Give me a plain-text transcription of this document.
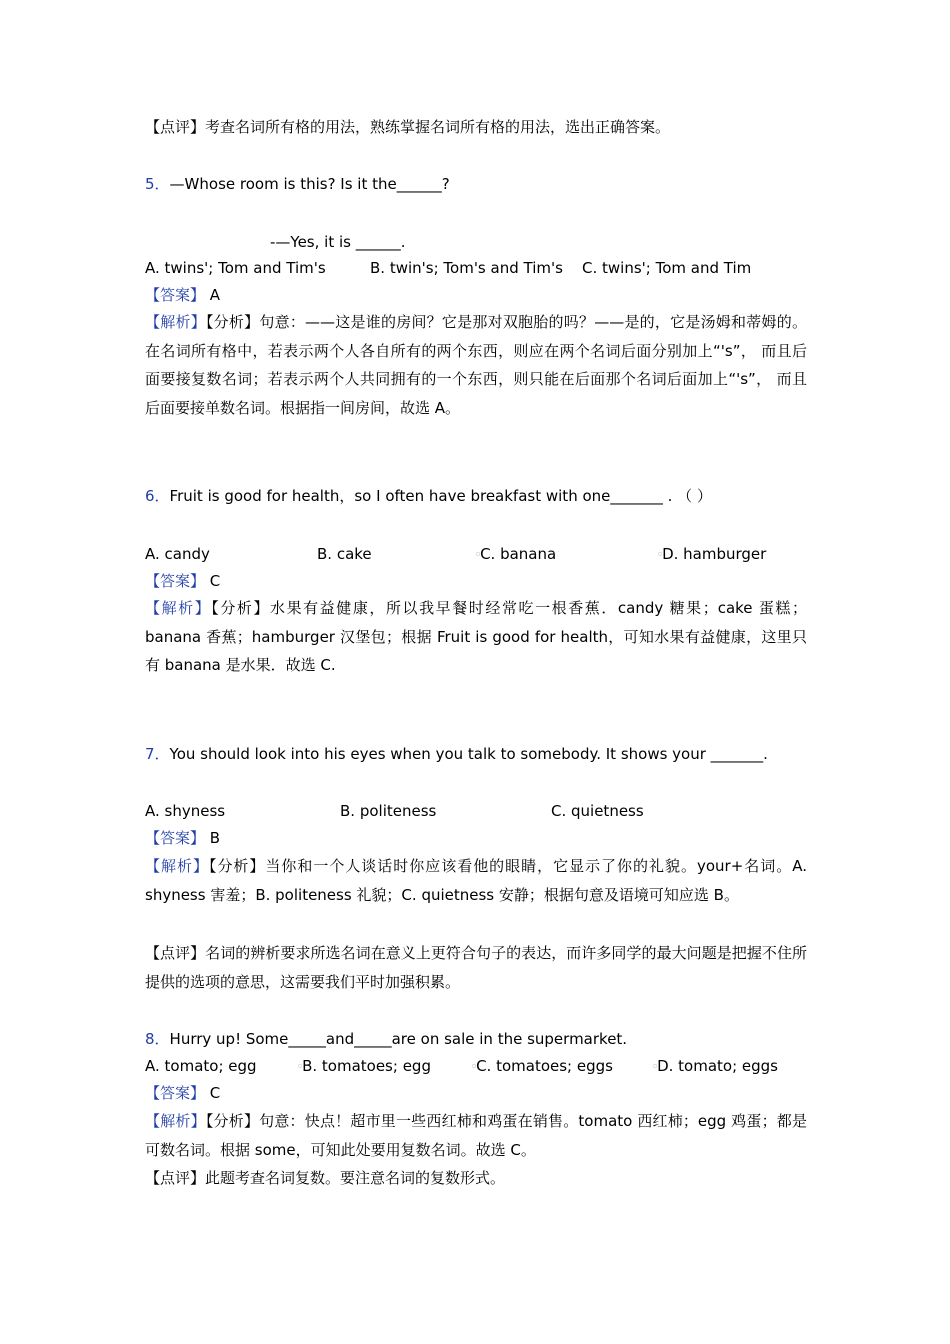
【点评】考查名词所有格的用法，熟练掌握名词所有格的用法，选出正确答案。
5．—Whose room is this? Is it the______?
-—Yes, it is ______.
A. twins'; Tom and Tim's	B. twin's; Tom's and Tim's C. twins'; Tom and Tim
【答案】 A
【解析】【分析】句意：——这是谁的房间？它是那对双胞胎的吗？——是的，它是汤姆和蒂姆的。在名词所有格中，若表示两个人各自所有的两个东西，则应在两个名词后面分别加上“'s”， 而且后面要接复数名词；若表示两个人共同拥有的一个东西，则只能在后面那个名词后面加上“'s”， 而且后面要接单数名词。根据指一间房间，故选 A。
6．Fruit is good for health，so I often have breakfast with one_______ . （ ）
A. candy	B. cake	▫C. banana	▫D. hamburger
【答案】 C
【解析】【分析】水果有益健康，所以我早餐时经常吃一根香蕉．candy 糖果；cake 蛋糕；banana 香蕉；hamburger 汉堡包；根据 Fruit is good for health，可知水果有益健康，这里只有 banana 是水果．故选 C.
7．You should look into his eyes when you talk to somebody. It shows your _______.
A. shyness	B. politeness	C. quietness
【答案】 B
【解析】【分析】当你和一个人谈话时你应该看他的眼睛，它显示了你的礼貌。your+名词。A. shyness 害羞；B. politeness 礼貌；C. quietness 安静；根据句意及语境可知应选 B。
【点评】名词的辨析要求所选名词在意义上更符合句子的表达，而许多同学的最大问题是把握不住所提供的选项的意思，这需要我们平时加强积累。
8．Hurry up! Some_____and_____are on sale in the supermarket.
A. tomato; egg	▫B. tomatoes; egg	▫C. tomatoes; eggs	▫D. tomato; eggs
【答案】 C
【解析】【分析】句意：快点！超市里一些西红柿和鸡蛋在销售。tomato 西红柿；egg 鸡蛋；都是可数名词。根据 some，可知此处要用复数名词。故选 C。
【点评】此题考查名词复数。要注意名词的复数形式。
